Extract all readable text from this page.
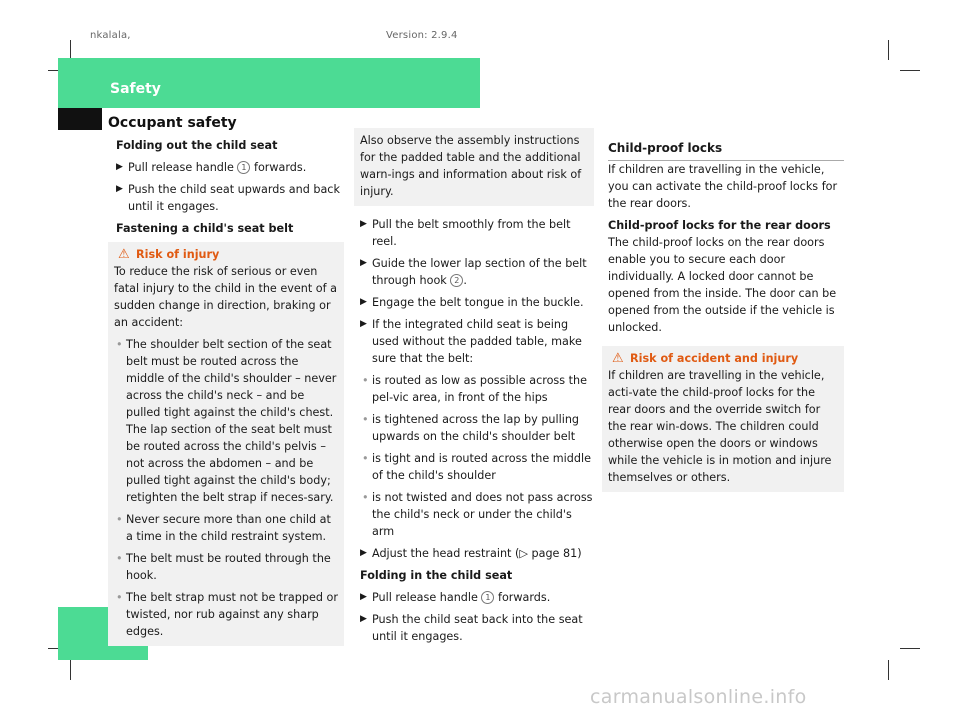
nkalala,	Version: 2.9.4
Safety
Occupant safety

Folding out the child seat

▶ Pull release handle 1 forwards.

▶ Push the child seat upwards and back until it engages.

Fastening a child's seat belt

⚠ Risk of injury

To reduce the risk of serious or even fatal injury to the child in the event of a sudden change in direction, braking or an accident:

• The shoulder belt section of the seat belt must be routed across the middle of the child's shoulder – never across the child's neck – and be pulled tight against the child's chest. The lap section of the seat belt must be routed across the child's pelvis – not across the abdomen – and be pulled tight against the child's body; retighten the belt strap if neces-sary.

• Never secure more than one child at a time in the child restraint system.

• The belt must be routed through the hook.

• The belt strap must not be trapped or twisted, nor rub against any sharp edges.

Also observe the assembly instructions for the padded table and the additional warn-ings and information about risk of injury.

▶ Pull the belt smoothly from the belt reel.

▶ Guide the lower lap section of the belt through hook 2 .

▶ Engage the belt tongue in the buckle.

▶ If the integrated child seat is being used without the padded table, make sure that the belt:

• is routed as low as possible across the pel-vic area, in front of the hips

• is tightened across the lap by pulling upwards on the child's shoulder belt

• is tight and is routed across the middle of the child's shoulder

• is not twisted and does not pass across the child's neck or under the child's arm

▶ Adjust the head restraint (▷ page 81)

Folding in the child seat

▶ Pull release handle 1 forwards.

▶ Push the child seat back into the seat until it engages.

Child-proof locks

If children are travelling in the vehicle, you can activate the child-proof locks for the rear doors.

Child-proof locks for the rear doors

The child-proof locks on the rear doors enable you to secure each door individually. A locked door cannot be opened from the inside. The door can be opened from the outside if the vehicle is unlocked.

⚠ Risk of accident and injury

If children are travelling in the vehicle, acti-vate the child-proof locks for the rear doors and the override switch for the rear win-dows. The children could otherwise open the doors or windows while the vehicle is in motion and injure themselves or others.

carmanualsonline.info
